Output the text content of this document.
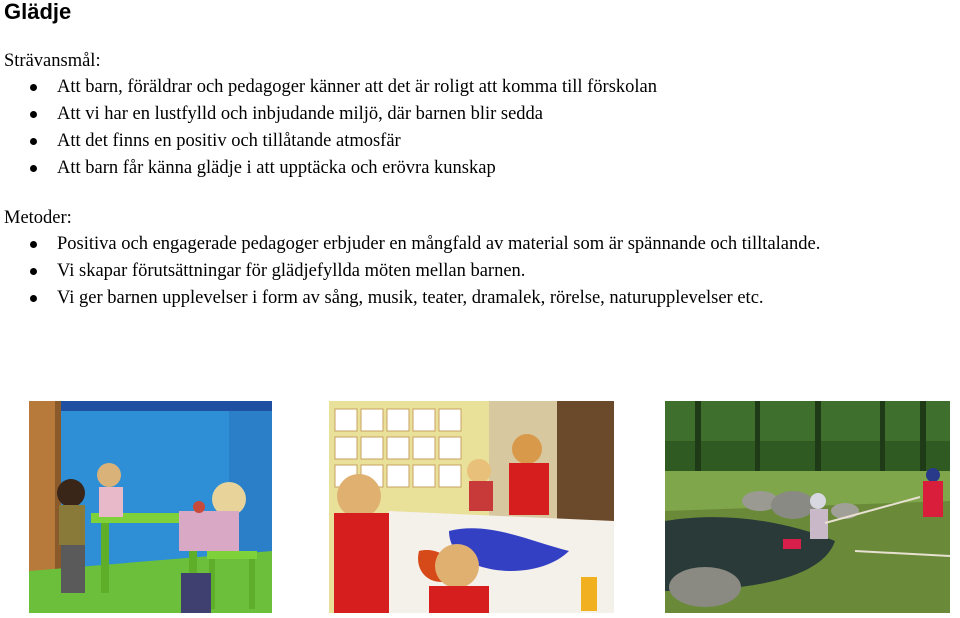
Glädje
Strävansmål:
Att barn, föräldrar och pedagoger känner att det är roligt att komma till förskolan
Att vi har en lustfylld och inbjudande miljö, där barnen blir sedda
Att det finns en positiv och tillåtande atmosfär
Att barn får känna glädje i att upptäcka och erövra kunskap
Metoder:
Positiva och engagerade pedagoger erbjuder en mångfald av material som är spännande och tilltalande.
Vi skapar förutsättningar för glädjefyllda möten mellan barnen.
Vi ger barnen upplevelser i form av sång, musik, teater, dramalek, rörelse, naturupplevelser etc.
